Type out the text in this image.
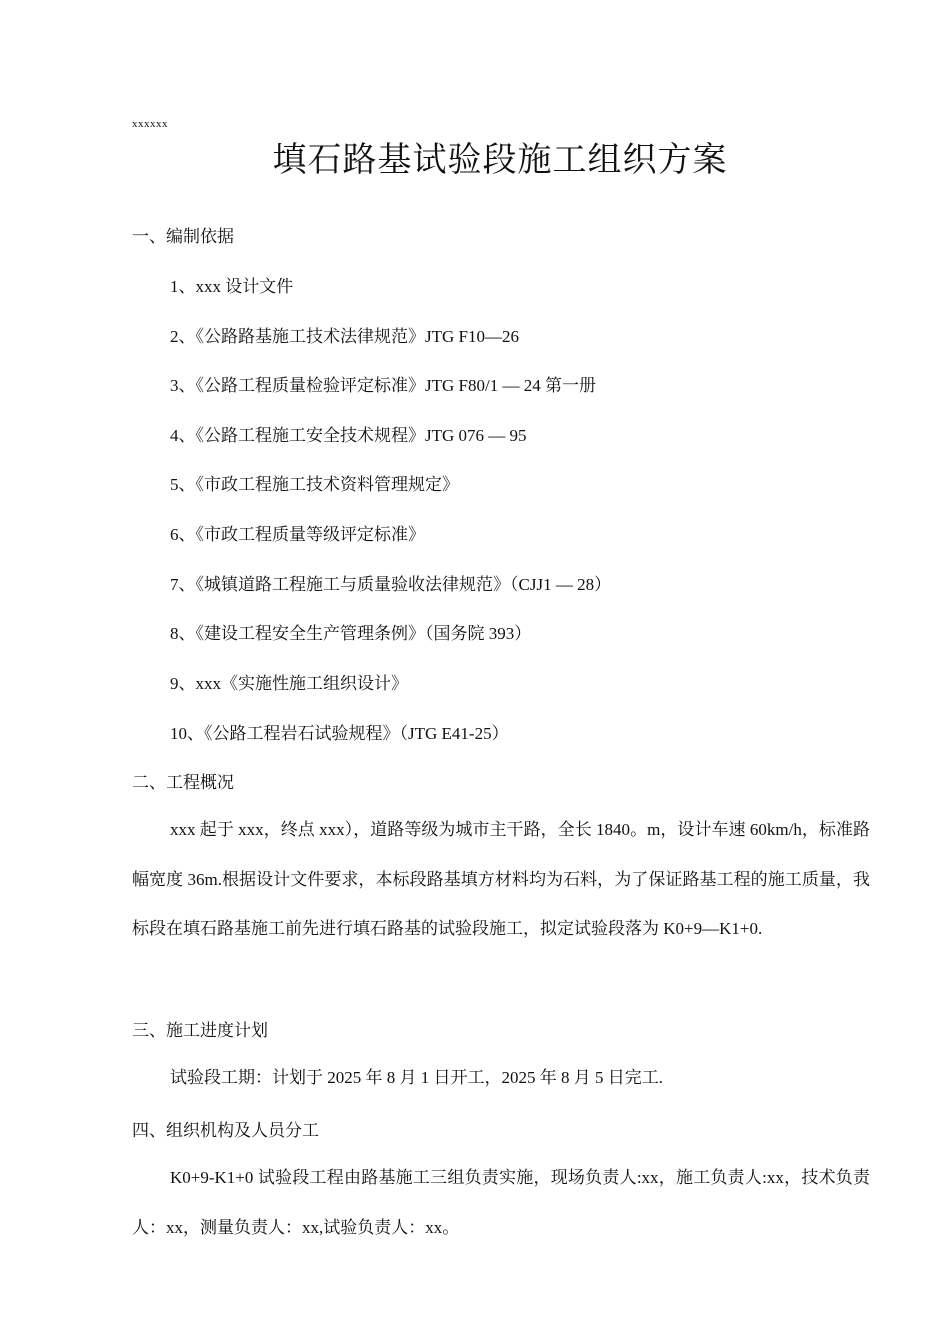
xxxxxx
填石路基试验段施工组织方案
一、编制依据
1、xxx 设计文件
2、《公路路基施工技术法律规范》JTG F10—26
3、《公路工程质量检验评定标准》JTG F80/1 — 24 第一册
4、《公路工程施工安全技术规程》JTG 076 — 95
5、《市政工程施工技术资料管理规定》
6、《市政工程质量等级评定标准》
7、《城镇道路工程施工与质量验收法律规范》（CJJ1 — 28）
8、《建设工程安全生产管理条例》（国务院 393）
9、xxx《实施性施工组织设计》
10、《公路工程岩石试验规程》（JTG E41-25）
二、工程概况

xxx 起于 xxx，终点 xxx），道路等级为城市主干路，全长 1840。m，设计车速 60km/h，标准路幅宽度 36m.根据设计文件要求，本标段路基填方材料均为石料，为了保证路基工程的施工质量，我标段在填石路基施工前先进行填石路基的试验段施工，拟定试验段落为 K0+9—K1+0.

三、施工进度计划

试验段工期：计划于 2025 年 8 月 1 日开工，2025 年 8 月 5 日完工.

四、组织机构及人员分工

K0+9-K1+0 试验段工程由路基施工三组负责实施，现场负责人:xx，施工负责人:xx，技术负责人：xx，测量负责人：xx,试验负责人：xx。
